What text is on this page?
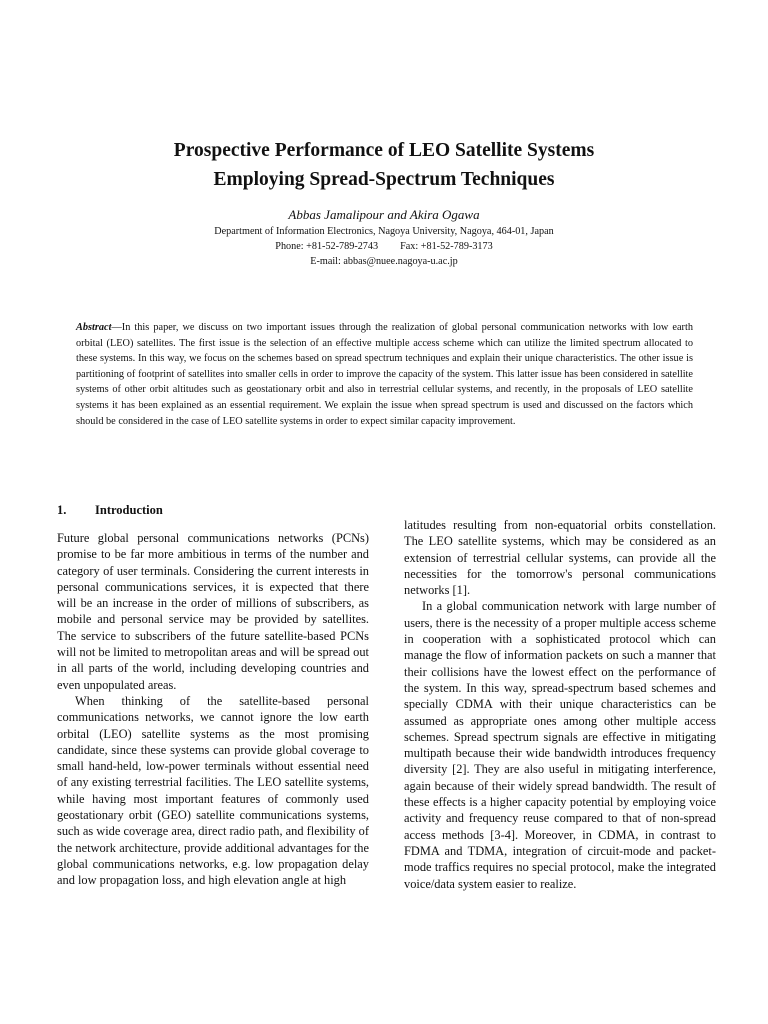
Prospective Performance of LEO Satellite Systems
Employing Spread-Spectrum Techniques
Abbas Jamalipour and Akira Ogawa
Department of Information Electronics, Nagoya University, Nagoya, 464-01, Japan
Phone: +81-52-789-2743 Fax: +81-52-789-3173
E-mail: abbas@nuee.nagoya-u.ac.jp
Abstract—In this paper, we discuss on two important issues through the realization of global personal communication networks with low earth orbital (LEO) satellites. The first issue is the selection of an effective multiple access scheme which can utilize the limited spectrum allocated to these systems. In this way, we focus on the schemes based on spread spectrum techniques and explain their unique characteristics. The other issue is partitioning of footprint of satellites into smaller cells in order to improve the capacity of the system. This latter issue has been considered in satellite systems of other orbit altitudes such as geostationary orbit and also in terrestrial cellular systems, and recently, in the proposals of LEO satellite systems it has been explained as an essential requirement. We explain the issue when spread spectrum is used and discussed on the factors which should be considered in the case of LEO satellite systems in order to expect similar capacity improvement.
1. Introduction

Future global personal communications networks (PCNs) promise to be far more ambitious in terms of the number and category of user terminals. Considering the current interests in personal communications services, it is expected that there will be an increase in the order of millions of subscribers, as mobile and personal service may be provided by satellites. The service to subscribers of the future satellite-based PCNs will not be limited to metropolitan areas and will be spread out in all parts of the world, including developing countries and even unpopulated areas.

When thinking of the satellite-based personal communications networks, we cannot ignore the low earth orbital (LEO) satellite systems as the most promising candidate, since these systems can provide global coverage to small hand-held, low-power terminals without essential need of any existing terrestrial facilities. The LEO satellite systems, while having most important features of commonly used geostationary orbit (GEO) satellite communications systems, such as wide coverage area, direct radio path, and flexibility of the network architecture, provide additional advantages for the global communications networks, e.g. low propagation delay and low propagation loss, and high elevation angle at high

latitudes resulting from non-equatorial orbits constellation. The LEO satellite systems, which may be considered as an extension of terrestrial cellular systems, can provide all the necessities for the tomorrow's personal communications networks [1].

In a global communication network with large number of users, there is the necessity of a proper multiple access scheme in cooperation with a sophisticated protocol which can manage the flow of information packets on such a manner that their collisions have the lowest effect on the performance of the system. In this way, spread-spectrum based schemes and specially CDMA with their unique characteristics can be assumed as appropriate ones among other multiple access schemes. Spread spectrum signals are effective in mitigating multipath because their wide bandwidth introduces frequency diversity [2]. They are also useful in mitigating interference, again because of their widely spread bandwidth. The result of these effects is a higher capacity potential by employing voice activity and frequency reuse compared to that of non-spread access methods [3-4]. Moreover, in CDMA, in contrast to FDMA and TDMA, integration of circuit-mode and packet-mode traffics requires no special protocol, make the integrated voice/data system easier to realize.
